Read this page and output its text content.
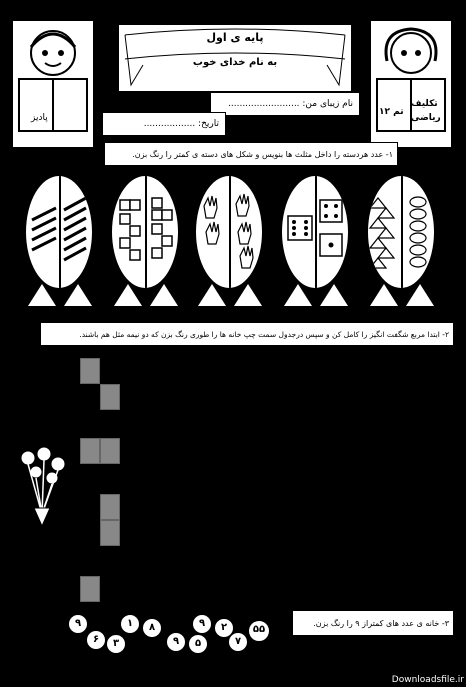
پادیز
پایه ی اول
به نام خدای خوب
تکلیف
ریاضی
تم ۱۲
نام زیبای من: .........................
تاریخ: ..................
۱- عدد هردسته را داخل مثلث ها بنویس و شکل های دسته ی کمتر را رنگ بزن.
۲- ابتدا مربع شگفت انگیز را کامل کن و سپس درجدول سمت چپ خانه ها را طوری رنگ بزن که دو نیمه مثل هم باشند.
۳- خانه ی عدد های کمتراز ۹ را رنگ بزن.
۹	۱	۸	۹	۲	۵۵
۶	۳	۹	۵	۷
Downloadsfile.ir
